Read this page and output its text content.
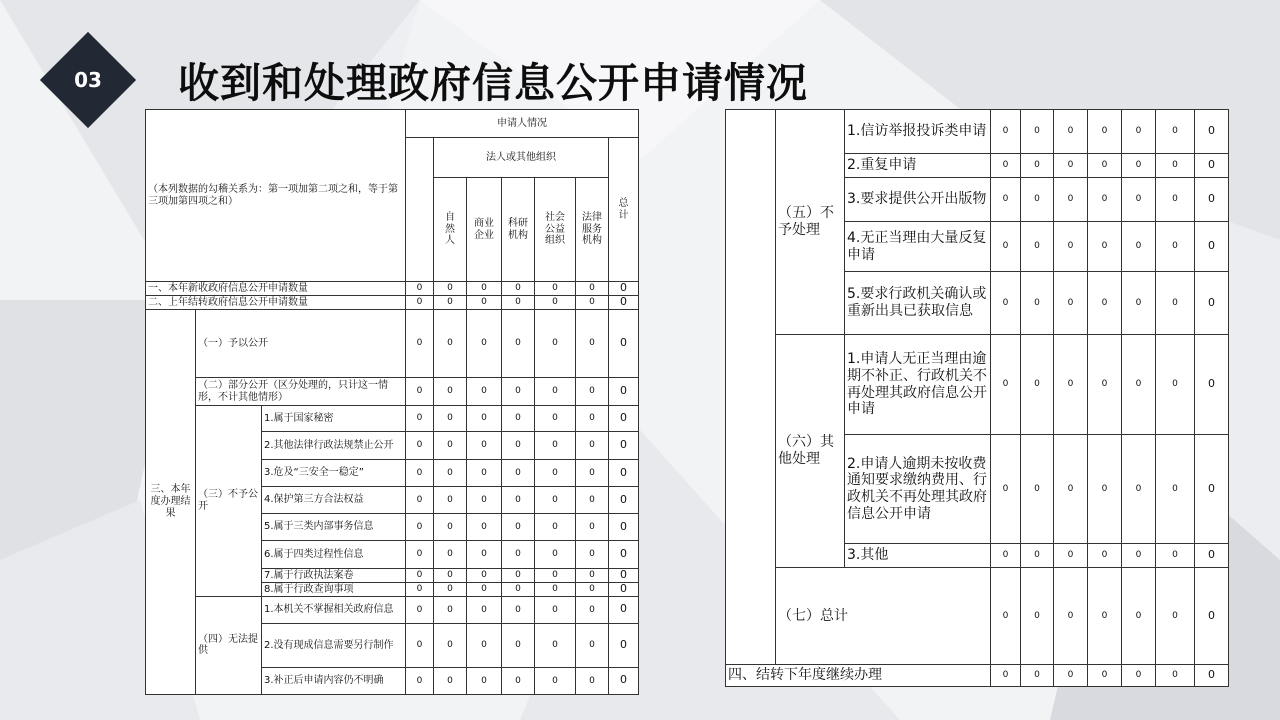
03	收到和处理政府信息公开申请情况
（本列数据的勾稽关系为：第一项加第二项之和，等于第三项加第四项之和）			申请人情况							
				法人或其他组织					总计	
				自然人	商业企业	科研机构	社会公益组织	法律服务机构	
一、本年新收政府信息公开申请数量			0	0	0	0	0	0	0	
二、上年结转政府信息公开申请数量			0	0	0	0	0	0	0	
三、本年度办理结果	（一）予以公开		0	0	0	0	0	0	0	
	（二）部分公开（区分处理的，只计这一情形，不计其他情形）		0	0	0	0	0	0	0	
	（三）不予公开	1.属于国家秘密	0	0	0	0	0	0	0	
		2.其他法律行政法规禁止公开	0	0	0	0	0	0	0	
		3.危及“三安全一稳定”	0	0	0	0	0	0	0	
		4.保护第三方合法权益	0	0	0	0	0	0	0	
		5.属于三类内部事务信息	0	0	0	0	0	0	0	
		6.属于四类过程性信息	0	0	0	0	0	0	0	
		7.属于行政执法案卷	0	0	0	0	0	0	0	
		8.属于行政查询事项	0	0	0	0	0	0	0	
	（四）无法提供	1.本机关不掌握相关政府信息	0	0	0	0	0	0	0	
		2.没有现成信息需要另行制作	0	0	0	0	0	0	0	
		3.补正后申请内容仍不明确	0	0	0	0	0	0	0	
	（五）不予处理	1.信访举报投诉类申请	0	0	0	0	0	0	0
		2.重复申请	0	0	0	0	0	0	0
		3.要求提供公开出版物	0	0	0	0	0	0	0
		4.无正当理由大量反复申请	0	0	0	0	0	0	0
		5.要求行政机关确认或重新出具已获取信息	0	0	0	0	0	0	0
	（六）其他处理	1.申请人无正当理由逾期不补正、行政机关不再处理其政府信息公开申请	0	0	0	0	0	0	0
		2.申请人逾期未按收费通知要求缴纳费用、行政机关不再处理其政府信息公开申请	0	0	0	0	0	0	0
		3.其他	0	0	0	0	0	0	0
	（七）总计		0	0	0	0	0	0	0
四、结转下年度继续办理			0	0	0	0	0	0	0
